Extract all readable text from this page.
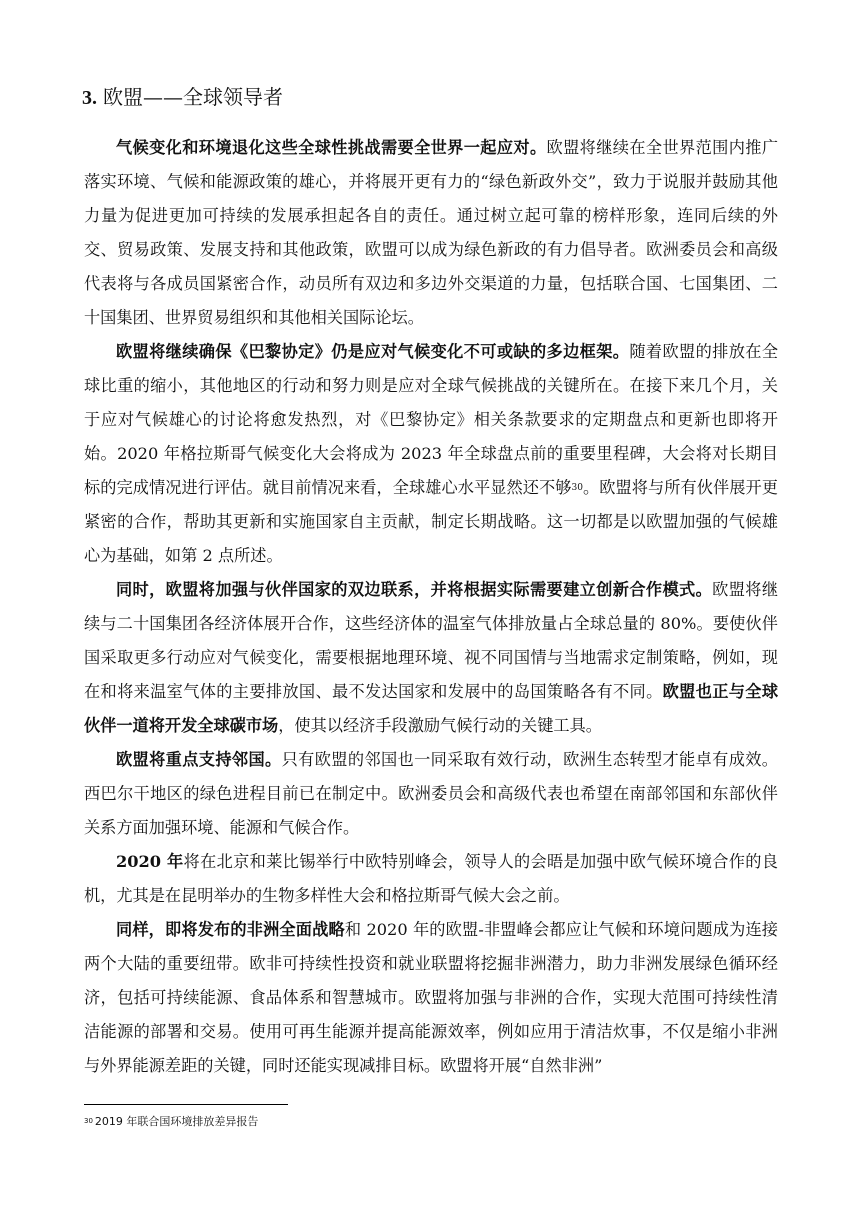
3. 欧盟——全球领导者

气候变化和环境退化这些全球性挑战需要全世界一起应对。欧盟将继续在全世界范围内推广落实环境、气候和能源政策的雄心，并将展开更有力的“绿色新政外交”，致力于说服并鼓励其他力量为促进更加可持续的发展承担起各自的责任。通过树立起可靠的榜样形象，连同后续的外交、贸易政策、发展支持和其他政策，欧盟可以成为绿色新政的有力倡导者。欧洲委员会和高级代表将与各成员国紧密合作，动员所有双边和多边外交渠道的力量，包括联合国、七国集团、二十国集团、世界贸易组织和其他相关国际论坛。

欧盟将继续确保《巴黎协定》仍是应对气候变化不可或缺的多边框架。随着欧盟的排放在全球比重的缩小，其他地区的行动和努力则是应对全球气候挑战的关键所在。在接下来几个月，关于应对气候雄心的讨论将愈发热烈，对《巴黎协定》相关条款要求的定期盘点和更新也即将开始。2020 年格拉斯哥气候变化大会将成为 2023 年全球盘点前的重要里程碑，大会将对长期目标的完成情况进行评估。就目前情况来看，全球雄心水平显然还不够$^{30}$。欧盟将与所有伙伴展开更紧密的合作，帮助其更新和实施国家自主贡献，制定长期战略。这一切都是以欧盟加强的气候雄心为基础，如第 2 点所述。

同时，欧盟将加强与伙伴国家的双边联系，并将根据实际需要建立创新合作模式。欧盟将继续与二十国集团各经济体展开合作，这些经济体的温室气体排放量占全球总量的 80%。要使伙伴国采取更多行动应对气候变化，需要根据地理环境、视不同国情与当地需求定制策略，例如，现在和将来温室气体的主要排放国、最不发达国家和发展中的岛国策略各有不同。欧盟也正与全球伙伴一道将开发全球碳市场，使其以经济手段激励气候行动的关键工具。

欧盟将重点支持邻国。只有欧盟的邻国也一同采取有效行动，欧洲生态转型才能卓有成效。西巴尔干地区的绿色进程目前已在制定中。欧洲委员会和高级代表也希望在南部邻国和东部伙伴关系方面加强环境、能源和气候合作。

2020 年将在北京和莱比锡举行中欧特别峰会，领导人的会晤是加强中欧气候环境合作的良机，尤其是在昆明举办的生物多样性大会和格拉斯哥气候大会之前。

同样，即将发布的非洲全面战略和 2020 年的欧盟-非盟峰会都应让气候和环境问题成为连接两个大陆的重要纽带。欧非可持续性投资和就业联盟将挖掘非洲潜力，助力非洲发展绿色循环经济，包括可持续能源、食品体系和智慧城市。欧盟将加强与非洲的合作，实现大范围可持续性清洁能源的部署和交易。使用可再生能源并提高能源效率，例如应用于清洁炊事，不仅是缩小非洲与外界能源差距的关键，同时还能实现减排目标。欧盟将开展“自然非洲”

$^{30}$ 2019 年联合国环境排放差异报告
